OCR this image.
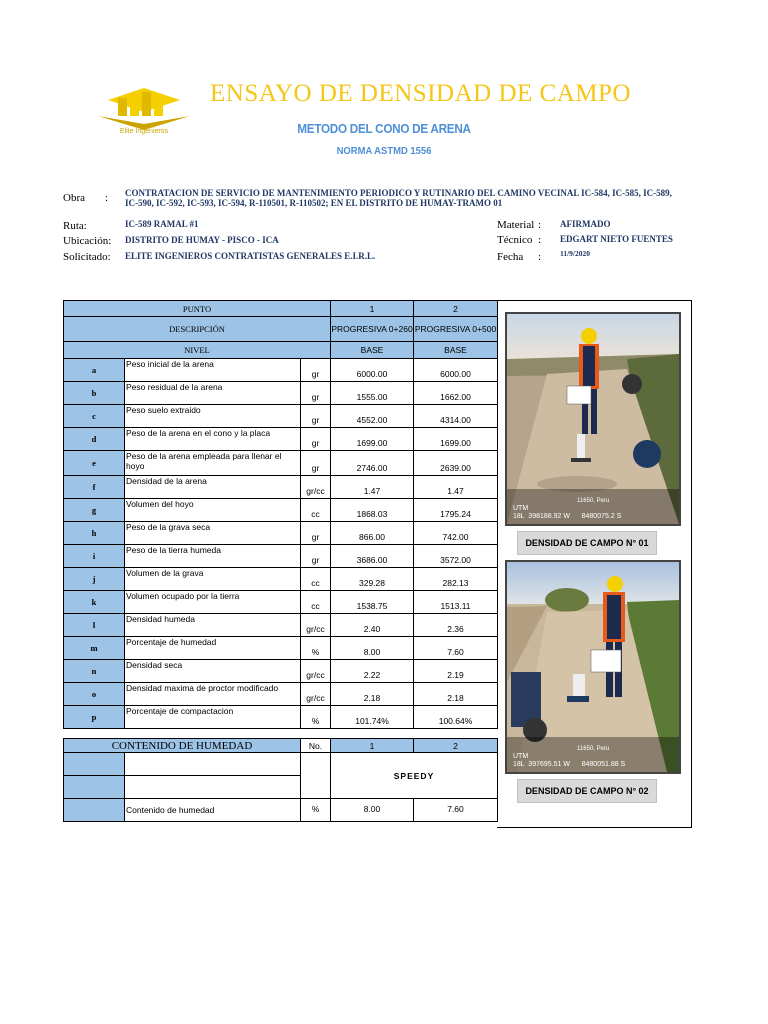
Elite Ingenieros
ENSAYO DE DENSIDAD DE CAMPO
METODO DEL CONO DE ARENA
NORMA ASTMD 1556
Obra : CONTRATACION DE SERVICIO DE MANTENIMIENTO PERIODICO Y RUTINARIO DEL CAMINO VECINAL IC-584, IC-585, IC-589, IC-590, IC-592, IC-593, IC-594, R-110501, R-110502; EN EL DISTRITO DE HUMAY-TRAMO 01
Ruta:	IC-589 RAMAL #1
Ubicación: DISTRITO DE HUMAY - PISCO - ICA
Solicitado: ELITE INGENIEROS CONTRATISTAS GENERALES E.I.R.L.
Material : AFIRMADO
Técnico : EDGART NIETO FUENTES
Fecha :	11/9/2020
PUNTO			1	2
DESCRIPCIÓN			PROGRESIVA 0+260	PROGRESIVA 0+500
NIVEL			BASE	BASE
a	Peso inicial de la arena	gr	6000.00	6000.00
b	Peso residual de la arena	gr	1555.00	1662.00
c	Peso suelo extraido	gr	4552.00	4314.00
d	Peso de la arena en el cono y la placa	gr	1699.00	1699.00
e	Peso de la arena empleada para llenar el hoyo	gr	2746.00	2639.00
f	Densidad de la arena	gr/cc	1.47	1.47
g	Volumen del hoyo	cc	1868.03	1795.24
h	Peso de la grava seca	gr	866.00	742.00
i	Peso de la tierra humeda	gr	3686.00	3572.00
j	Volumen de la grava	cc	329.28	282.13
k	Volumen ocupado por la tierra	cc	1538.75	1513.11
l	Densidad humeda	gr/cc	2.40	2.36
m	Porcentaje de humedad	%	8.00	7.60
n	Densidad seca	gr/cc	2.22	2.19
o	Densidad maxima de proctor modificado	gr/cc	2.18	2.18
p	Porcentaje de compactacion	%	101.74%	100.64%

CONTENIDO DE HUMEDAD		No.	1	2
			SPEEDY	

	Contenido de humedad	%	8.00	7.60
11650, Peru
UTM
18L  398188.92 W      8480075.2 S
DENSIDAD DE CAMPO N° 01
11650, Peru
UTM
18L  397695.51 W      8480051.88 S
DENSIDAD DE CAMPO N° 02
